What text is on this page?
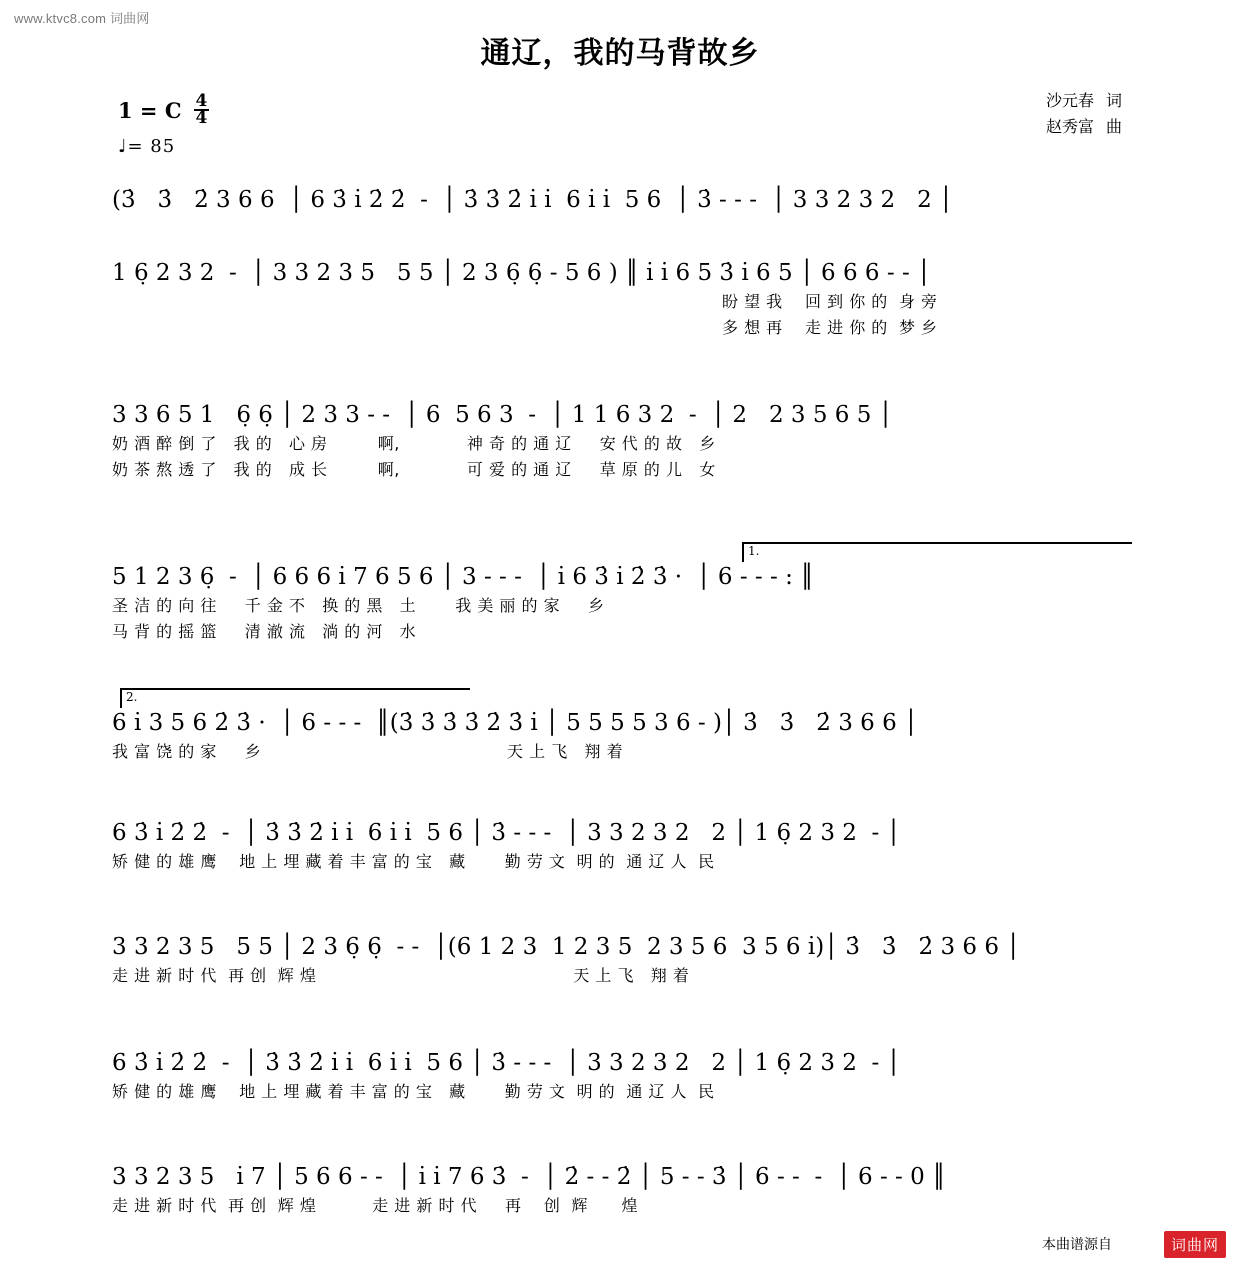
www.ktvc8.com 词曲网
通辽，我的马背故乡
1 = C $\frac{4}{4}$
♩= 85
沙元春 词
赵秀富 曲
(3̇   3̇   2̇ 3 6 6  │ 6 3̇ i̇ 2̇ 2̇  -  │ 3̇ 3̇ 2̇ i̇ i̇  6 i̇ i̇  5 6  │ 3̇ - - -  │ 3 3 2 3 2   2 │
1 6̣ 2 3 2  -  │ 3 3 2 3 5   5 5 │ 2 3 6̣ 6̣ - 5 6 ) ║ i̇ i̇ 6 5 3̇ i̇ 6 5 │ 6 6 6 - - │
盼 望 我    回 到 你 的  身 旁
多 想 再    走 进 你 的  梦 乡
3 3 6 5 1   6̣ 6̣ │ 2 3 3 - -  │ 6  5 6 3  -  │ 1 1 6 3 2  -  │ 2   2 3 5 6 5 │
奶 酒 醉 倒 了   我 的   心 房         啊,            神 奇 的 通 辽     安 代 的 故   乡
奶 茶 熬 透 了   我 的   成 长         啊,            可 爱 的 通 辽     草 原 的 儿   女
1.
5 1 2 3 6̣  -  │ 6 6 6 i̇ 7 6 5 6 │ 3 - - -  │ i̇ 6 3̇ i̇ 2̇ 3̇ ·  │ 6 - - - : ║
圣 洁 的 向 往     千 金 不   换 的 黑   土       我 美 丽 的 家     乡
马 背 的 摇 篮     清 澈 流   淌 的 河   水
2.
6 i̇ 3 5 6 2̇ 3̇ ·  │ 6 - - -  ║(3̇ 3̇ 3̇ 3̇ 2̇ 3̇ i̇ │ 5 5 5 5 3 6 - )│ 3̇   3̇   2̇ 3 6 6 │
我 富 饶 的 家     乡                                            天 上 飞   翔 着
6 3̇ i̇ 2̇ 2̇  -  │ 3̇ 3̇ 2̇ i̇ i̇  6 i̇ i̇  5 6 │ 3̇ - - -  │ 3 3 2 3 2   2 │ 1 6̣ 2 3 2  - │
矫 健 的 雄 鹰    地 上 埋 藏 着 丰 富 的 宝   藏       勤 劳 文  明 的  通 辽 人  民
3 3 2 3 5   5 5 │ 2 3 6̣ 6̣  - -  │(6 1 2 3  1 2 3 5  2 3 5 6  3 5 6 i̇)│ 3̇   3̇   2̇ 3 6 6 │
走 进 新 时 代  再 创  辉 煌                                              天 上 飞   翔 着
6 3̇ i̇ 2̇ 2̇  -  │ 3̇ 3̇ 2̇ i̇ i̇  6 i̇ i̇  5 6 │ 3̇ - - -  │ 3 3 2 3 2   2 │ 1 6̣ 2 3 2  - │
矫 健 的 雄 鹰    地 上 埋 藏 着 丰 富 的 宝   藏       勤 劳 文  明 的  通 辽 人  民
3 3 2 3 5   i̇ 7 │ 5 6 6 - -  │ i̇ i̇ 7 6 3̇  -  │ 2̇ - - 2̇ │ 5 - - 3̇ │ 6 - -  -  │ 6 - - 0 ║
走 进 新 时 代  再 创  辉 煌          走 进 新 时 代     再    创  辉      煌
本曲谱源自	词曲网
